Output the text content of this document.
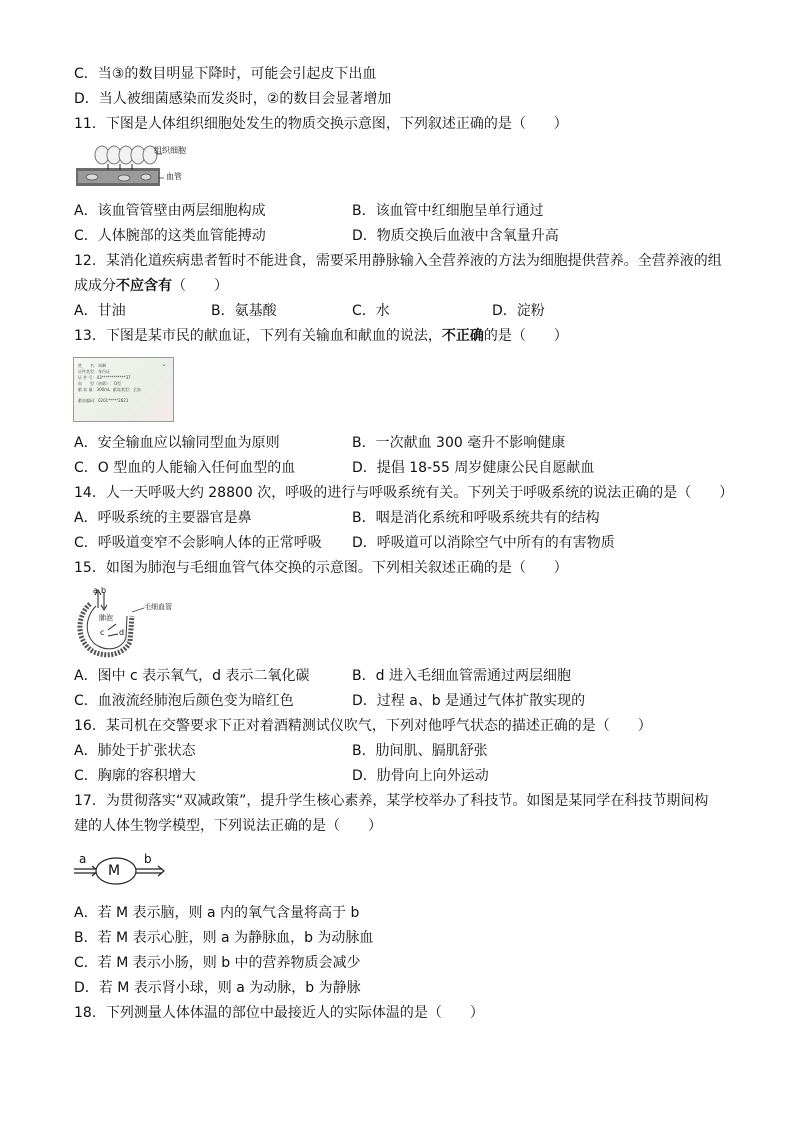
C．当③的数目明显下降时，可能会引起皮下出血
D．当人被细菌感染而发炎时，②的数目会显著增加
11．下图是人体组织细胞处发生的物质交换示意图，下列叙述正确的是（　　）
组织细胞
血管
A．该血管管壁由两层细胞构成	B．该血管中红细胞呈单行通过
C．人体腕部的这类血管能搏动	D．物质交换后血液中含氧量升高
12．某消化道疾病患者暂时不能进食，需要采用静脉输入全营养液的方法为细胞提供营养。全营养液的组
成成分不应含有（　　）
A．甘油	B．氨基酸	C．水	D．淀粉
13．下图是某市民的献血证，下列有关输血和献血的说法，不正确的是（　　）
⌄
姓　　名：周琳
证件类型：身份证
证 件 号：43************37
血　　型（初筛）：O型
献 血 量：300mL 献血类型：全血
献血编码：0201*****2621
A．安全输血应以输同型血为原则	B．一次献血 300 毫升不影响健康
C．O 型血的人能输入任何血型的血	D．提倡 18-55 周岁健康公民自愿献血
14．人一天呼吸大约 28800 次，呼吸的进行与呼吸系统有关。下列关于呼吸系统的说法正确的是（　　）
A．呼吸系统的主要器官是鼻	B．咽是消化系统和呼吸系统共有的结构
C．呼吸道变窄不会影响人体的正常呼吸 D．呼吸道可以消除空气中所有的有害物质
15．如图为肺泡与毛细血管气体交换的示意图。下列相关叙述正确的是（　　）
a b
c d
肺泡
毛细血管
A．图中 c 表示氧气，d 表示二氧化碳	B．d 进入毛细血管需通过两层细胞
C．血液流经肺泡后颜色变为暗红色	D．过程 a、b 是通过气体扩散实现的
16．某司机在交警要求下正对着酒精测试仪吹气，下列对他呼气状态的描述正确的是（　　）
A．肺处于扩张状态	B．肋间肌、膈肌舒张
C．胸廓的容积增大	D．肋骨向上向外运动
17．为贯彻落实“双减政策”，提升学生核心素养，某学校举办了科技节。如图是某同学在科技节期间构
建的人体生物学模型，下列说法正确的是（　　）
a
M
b
A．若 M 表示脑，则 a 内的氧气含量将高于 b
B．若 M 表示心脏，则 a 为静脉血，b 为动脉血
C．若 M 表示小肠，则 b 中的营养物质会减少
D．若 M 表示肾小球，则 a 为动脉，b 为静脉
18．下列测量人体体温的部位中最接近人的实际体温的是（　　）
